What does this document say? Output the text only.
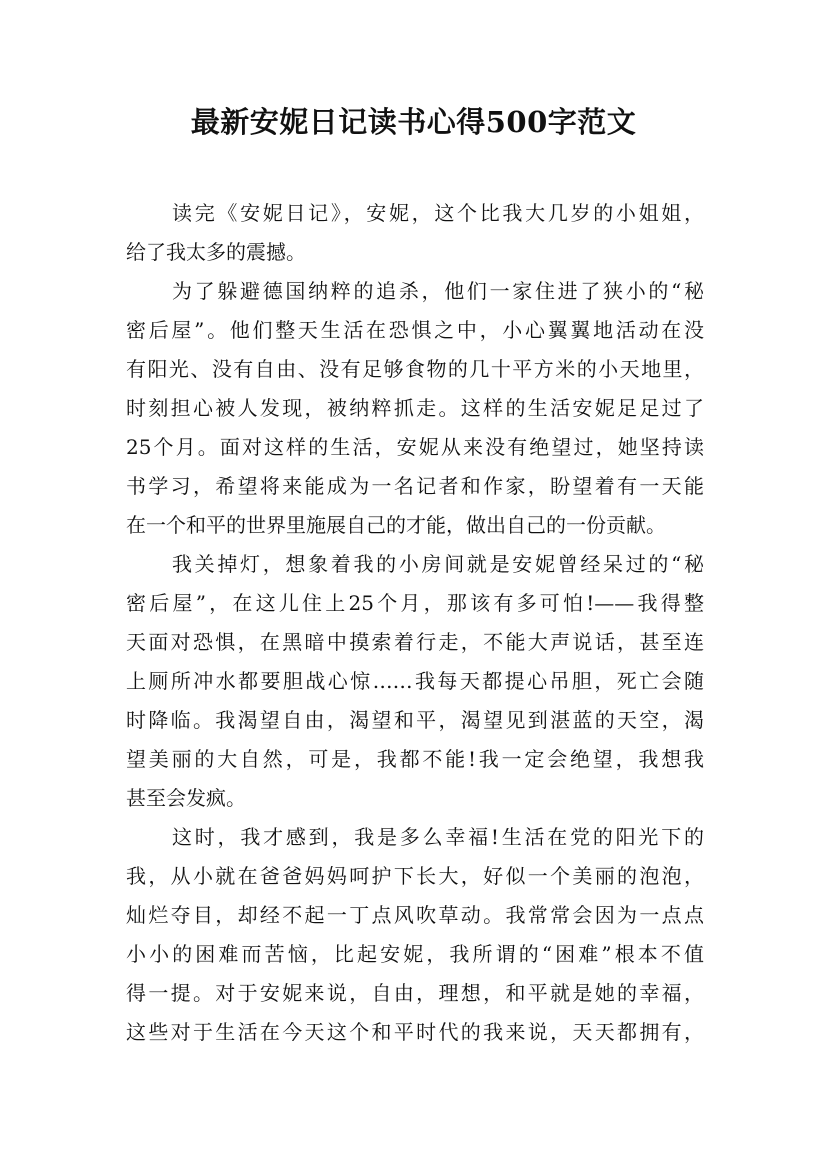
最新安妮日记读书心得500字范文
读完《安妮日记》，安妮，这个比我大几岁的小姐姐，
给了我太多的震撼。
为了躲避德国纳粹的追杀，他们一家住进了狭小的“秘
密后屋”。他们整天生活在恐惧之中，小心翼翼地活动在没
有阳光、没有自由、没有足够食物的几十平方米的小天地里，
时刻担心被人发现，被纳粹抓走。这样的生活安妮足足过了
25个月。面对这样的生活，安妮从来没有绝望过，她坚持读
书学习，希望将来能成为一名记者和作家，盼望着有一天能
在一个和平的世界里施展自己的才能，做出自己的一份贡献。
我关掉灯，想象着我的小房间就是安妮曾经呆过的“秘
密后屋”，在这儿住上25个月，那该有多可怕!——我得整
天面对恐惧，在黑暗中摸索着行走，不能大声说话，甚至连
上厕所冲水都要胆战心惊……我每天都提心吊胆，死亡会随
时降临。我渴望自由，渴望和平，渴望见到湛蓝的天空，渴
望美丽的大自然，可是，我都不能!我一定会绝望，我想我
甚至会发疯。
这时，我才感到，我是多么幸福!生活在党的阳光下的
我，从小就在爸爸妈妈呵护下长大，好似一个美丽的泡泡，
灿烂夺目，却经不起一丁点风吹草动。我常常会因为一点点
小小的困难而苦恼，比起安妮，我所谓的“困难”根本不值
得一提。对于安妮来说，自由，理想，和平就是她的幸福，
这些对于生活在今天这个和平时代的我来说，天天都拥有，
